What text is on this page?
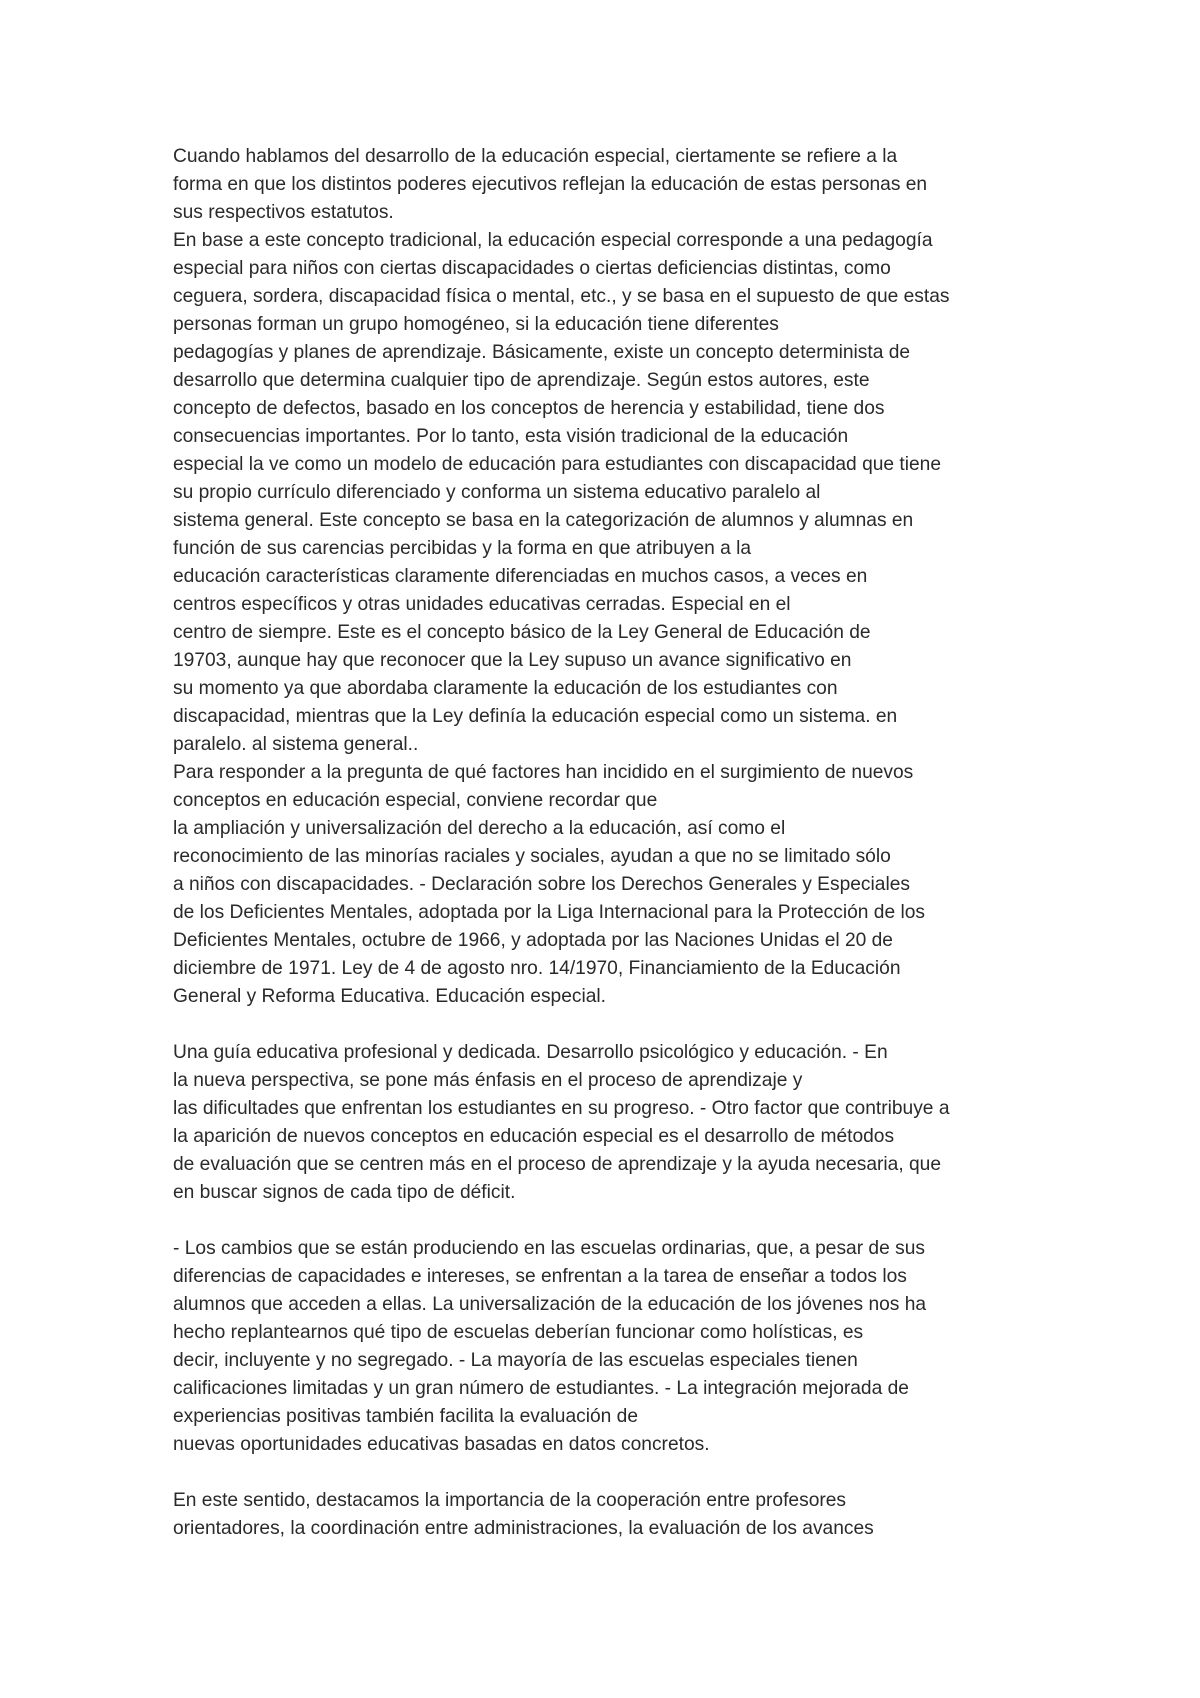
Cuando hablamos del desarrollo de la educación especial, ciertamente se refiere a la
forma en que los distintos poderes ejecutivos reflejan la educación de estas personas en
sus respectivos estatutos.
En base a este concepto tradicional, la educación especial corresponde a una pedagogía
especial para niños con ciertas discapacidades o ciertas deficiencias distintas, como
ceguera, sordera, discapacidad física o mental, etc., y se basa en el supuesto de que estas
personas forman un grupo homogéneo, si la educación tiene diferentes
pedagogías y planes de aprendizaje. Básicamente, existe un concepto determinista de
desarrollo que determina cualquier tipo de aprendizaje. Según estos autores, este
concepto de defectos, basado en los conceptos de herencia y estabilidad, tiene dos
consecuencias importantes. Por lo tanto, esta visión tradicional de la educación
especial la ve como un modelo de educación para estudiantes con discapacidad que tiene
su propio currículo diferenciado y conforma un sistema educativo paralelo al
sistema general. Este concepto se basa en la categorización de alumnos y alumnas en
función de sus carencias percibidas y la forma en que atribuyen a la
educación características claramente diferenciadas en muchos casos, a veces en
centros específicos y otras unidades educativas cerradas. Especial en el
centro de siempre. Este es el concepto básico de la Ley General de Educación de
19703, aunque hay que reconocer que la Ley supuso un avance significativo en
su momento ya que abordaba claramente la educación de los estudiantes con
discapacidad, mientras que la Ley definía la educación especial como un sistema. en
paralelo. al sistema general..
Para responder a la pregunta de qué factores han incidido en el surgimiento de nuevos
conceptos en educación especial, conviene recordar que
la ampliación y universalización del derecho a la educación, así como el
reconocimiento de las minorías raciales y sociales, ayudan a que no se limitado sólo
a niños con discapacidades. - Declaración sobre los Derechos Generales y Especiales
de los Deficientes Mentales, adoptada por la Liga Internacional para la Protección de los
Deficientes Mentales, octubre de 1966, y adoptada por las Naciones Unidas el 20 de
diciembre de 1971. Ley de 4 de agosto nro. 14/1970, Financiamiento de la Educación
General y Reforma Educativa. Educación especial.
Una guía educativa profesional y dedicada. Desarrollo psicológico y educación. - En
la nueva perspectiva, se pone más énfasis en el proceso de aprendizaje y
las dificultades que enfrentan los estudiantes en su progreso. - Otro factor que contribuye a
la aparición de nuevos conceptos en educación especial es el desarrollo de métodos
de evaluación que se centren más en el proceso de aprendizaje y la ayuda necesaria, que
en buscar signos de cada tipo de déficit.
- Los cambios que se están produciendo en las escuelas ordinarias, que, a pesar de sus
diferencias de capacidades e intereses, se enfrentan a la tarea de enseñar a todos los
alumnos que acceden a ellas. La universalización de la educación de los jóvenes nos ha
hecho replantearnos qué tipo de escuelas deberían funcionar como holísticas, es
decir, incluyente y no segregado. - La mayoría de las escuelas especiales tienen
calificaciones limitadas y un gran número de estudiantes. - La integración mejorada de
experiencias positivas también facilita la evaluación de
nuevas oportunidades educativas basadas en datos concretos.
En este sentido, destacamos la importancia de la cooperación entre profesores
orientadores, la coordinación entre administraciones, la evaluación de los avances
